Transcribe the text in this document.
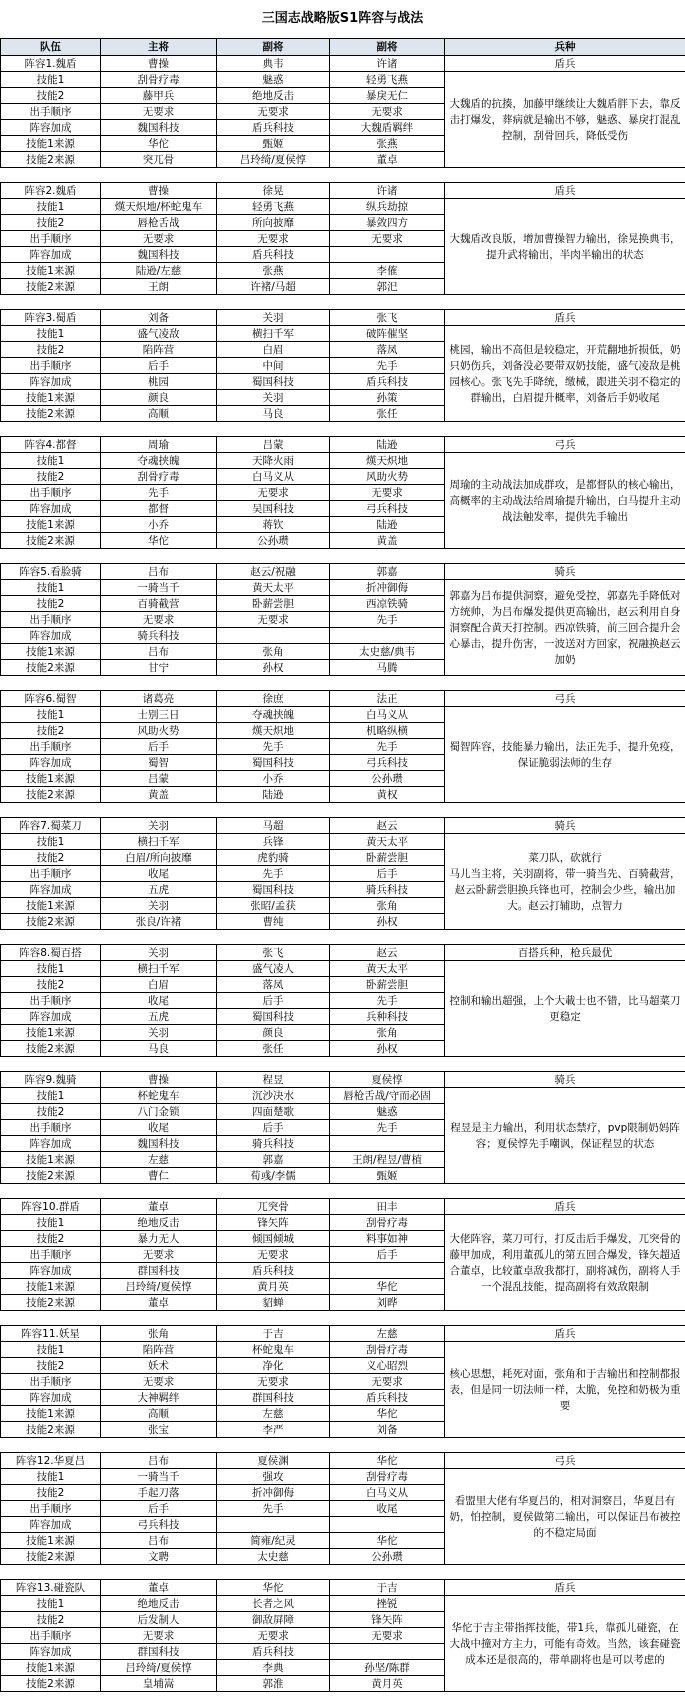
三国志战略版S1阵容与战法
队伍	主将	副将	副将	兵种
阵容1.魏盾	曹操	典韦	许诸	盾兵
技能1	刮骨疗毒	魅惑	轻勇飞燕	大魏盾的抗揍，加藤甲继续让大魏盾胖下去，靠反击打爆发，葬病就是输出不够，魅惑、暴戾打混乱控制，刮骨回兵，降低受伤
技能2	藤甲兵	绝地反击	暴戾无仁	
出手顺序	无要求	无要求	无要求	
阵容加成	魏国科技	盾兵科技	大魏盾羁绊	
技能1来源	华佗	甄姬	张燕	
技能2来源	突兀骨	吕玲绮/夏侯惇	董卓	

阵容2.魏盾	曹操	徐晃	许诸	盾兵
技能1	熯天炽地/杯蛇鬼车	轻勇飞燕	纵兵劫掠	大魏盾改良版，增加曹操智力输出，徐晃换典韦，提升武将输出，半肉半输出的状态
技能2	唇枪舌战	所向披靡	暴敛四方	
出手顺序	无要求	无要求	无要求	
阵容加成	魏国科技	盾兵科技		
技能1来源	陆逊/左慈	张燕	李傕	
技能2来源	王朗	许褚/马超	郭汜	

阵容3.蜀盾	刘备	关羽	张飞	盾兵
技能1	盛气凌敌	横扫千军	破阵催坚	桃园，输出不高但是较稳定，开荒翻地折损低，奶只奶伤兵，刘备没必要带双奶技能，盛气凌敌是桃园核心。张飞先手降统，缴械，跟进关羽不稳定的群输出，白眉提升概率，刘备后手奶收尾
技能2	陷阵营	白眉	落凤	
出手顺序	后手	中间	先手	
阵容加成	桃园	蜀国科技	盾兵科技	
技能1来源	颜良	关羽	孙策	
技能2来源	高顺	马良	张任	

阵容4.都督	周瑜	吕蒙	陆逊	弓兵
技能1	夺魂挟魄	天降火雨	熯天炽地	周瑜的主动战法加成群攻，是都督队的核心输出，高概率的主动战法给周瑜提升输出，白马提升主动战法触发率，提供先手输出
技能2	刮骨疗毒	白马义从	风助火势	
出手顺序	先手	无要求	无要求	
阵容加成	都督	吴国科技	弓兵科技	
技能1来源	小乔	蒋钦	陆逊	
技能2来源	华佗	公孙瓒	黄盖	

阵容5.看脸骑	吕布	赵云/祝融	郭嘉	骑兵
技能1	一骑当千	黄天太平	折冲御侮	郭嘉为吕布提供洞察，避免受控，郭嘉先手降低对方统帅，为吕布爆发提供更高输出，赵云利用自身洞察配合黄天打控制。西凉铁骑，前三回合提升会心暴击，提升伤害，一波送对方回家，祝融换赵云加奶
技能2	百骑截营	卧薪尝胆	西凉铁骑	
出手顺序	无要求	无要求	先手	
阵容加成	骑兵科技			
技能1来源	吕布	张角	太史慈/典韦	
技能2来源	甘宁	孙权	马腾	

阵容6.蜀智	诸葛亮	徐庶	法正	弓兵
技能1	士别三日	夺魂挟魄	白马义从	蜀智阵容，技能暴力输出，法正先手，提升免疫，保证脆弱法师的生存
技能2	风助火势	熯天炽地	机略纵横	
出手顺序	后手	先手	先手	
阵容加成	蜀智	蜀国科技	弓兵科技	
技能1来源	吕蒙	小乔	公孙瓒	
技能2来源	黄盖	陆逊	黄权	

阵容7.蜀菜刀	关羽	马超	赵云	骑兵
技能1	横扫千军	兵锋	黄天太平	菜刀队，砍就行
马儿当主将，关羽副将，带一骑当先、百骑截营，赵云卧薪尝胆换兵锋也可，控制会少些，输出加大。赵云打辅助，点智力
技能2	白眉/所向披靡	虎豹骑	卧薪尝胆	
出手顺序	收尾	先手	后手	
阵容加成	五虎	蜀国科技	骑兵科技	
技能1来源	关羽	张昭/孟获	张角	
技能2来源	张良/许褚	曹纯	孙权	

阵容8.蜀百搭	关羽	张飞	赵云	百搭兵种，枪兵最优
技能1	横扫千军	盛气凌人	黄天太平	控制和输出超强，上个大載士也不错，比马超菜刀更稳定
技能2	白眉	落凤	卧薪尝胆	
出手顺序	收尾	后手	先手	
阵容加成	五虎	蜀国科技	兵种科技	
技能1来源	关羽	颜良	张角	
技能2来源	马良	张任	孙权	

阵容9.魏骑	曹操	程昱	夏侯惇	骑兵
技能1	杯蛇鬼车	沉沙决水	唇枪舌战/守而必固	程昱是主力输出，利用状态禁疗，pvp限制奶妈阵容；夏侯惇先手嘲讽，保证程昱的状态
技能2	八门金锁	四面楚歌	魅惑	
出手顺序	收尾	后手	先手	
阵容加成	魏国科技	骑兵科技		
技能1来源	左慈	郭嘉	王朗/程昱/曹植	
技能2来源	曹仁	荀彧/李儒	甄姬	

阵容10.群盾	董卓	兀突骨	田丰	盾兵
技能1	绝地反击	锋矢阵	刮骨疗毒	大佬阵容，菜刀可行，打反击后手爆发，兀突骨的藤甲加成，利用董孤儿的第五回合爆发，锋矢超适合董卓，比较董卓敌我都打，副将减伤，副将人手一个混乱技能，提高副将有效敌限制
技能2	暴力无人	倾国倾城	料事如神	
出手顺序	无要求	无要求	后手	
阵容加成	群国科技	盾兵科技		
技能1来源	吕玲绮/夏侯惇	黄月英	华佗	
技能2来源	董卓	貂蝉	刘晔	

阵容11.妖星	张角	于吉	左慈	盾兵
技能1	陷阵营	杯蛇鬼车	刮骨疗毒	核心思想，耗死对面，张角和于吉输出和控制都报表，但是同一切法师一样，太脆，免控和奶极为重要
技能2	妖术	净化	义心昭烈	
出手顺序	无要求	无要求	无要求	
阵容加成	大神羁绊	群国科技	盾兵科技	
技能1来源	高顺	左慈	华佗	
技能2来源	张宝	李严	刘备	

阵容12.华夏吕	吕布	夏侯渊	华佗	弓兵
技能1	一骑当千	强攻	刮骨疗毒	看盟里大佬有华夏吕的，相对洞察吕，华夏吕有奶，怕控制，夏侯做第二输出，可以保证吕布被控的不稳定局面
技能2	手起刀落	折冲御侮	白马义从	
出手顺序	后手	先手	收尾	
阵容加成	弓兵科技			
技能1来源	吕布	简雍/纪灵	华佗	
技能2来源	文聘	太史慈	公孙瓒	

阵容13.碰瓷队	董卓	华佗	于吉	盾兵
技能1	绝地反击	长者之风	挫锐	华佗于吉主带指挥技能，带1兵，靠孤儿碰瓷，在大战中撞对方主力，可能有奇效。当然，该套碰瓷成本还是很高的，带单副将也是可以考虑的
技能2	后发制人	御敌屏障	锋矢阵	
出手顺序	无要求	无要求	无要求	
阵容加成	群国科技	盾兵科技		
技能1来源	吕玲绮/夏侯惇	李典	孙坚/陈群	
技能2来源	皇埔嵩	郭淮	黄月英	
